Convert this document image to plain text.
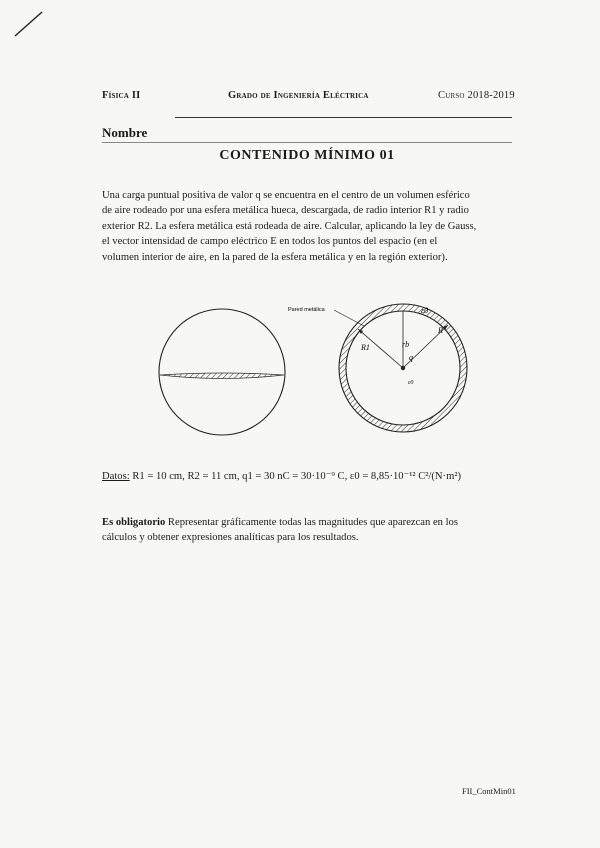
Física II	Grado de Ingeniería Eléctrica	Curso 2018-2019
Nombre
CONTENIDO MÍNIMO 01

Una carga puntual positiva de valor q se encuentra en el centro de un volumen esférico

de aire rodeado por una esfera metálica hueca, descargada, de radio interior R1 y radio

exterior R2. La esfera metálica está rodeada de aire. Calcular, aplicando la ley de Gauss,

el vector intensidad de campo eléctrico E en todos los puntos del espacio (en el

volumen interior de aire, en la pared de la esfera metálica y en la región exterior).

Pared metálica	ε0
R1	rb
R
q
ε0
Datos: R1 = 10 cm, R2 = 11 cm, q1 = 30 nC = 30·10⁻⁹ C, ε0 = 8,85·10⁻¹² C²/(N·m²)

Es obligatorio Representar gráficamente todas las magnitudes que aparezcan en los

cálculos y obtener expresiones analíticas para los resultados.

FII_ContMin01
